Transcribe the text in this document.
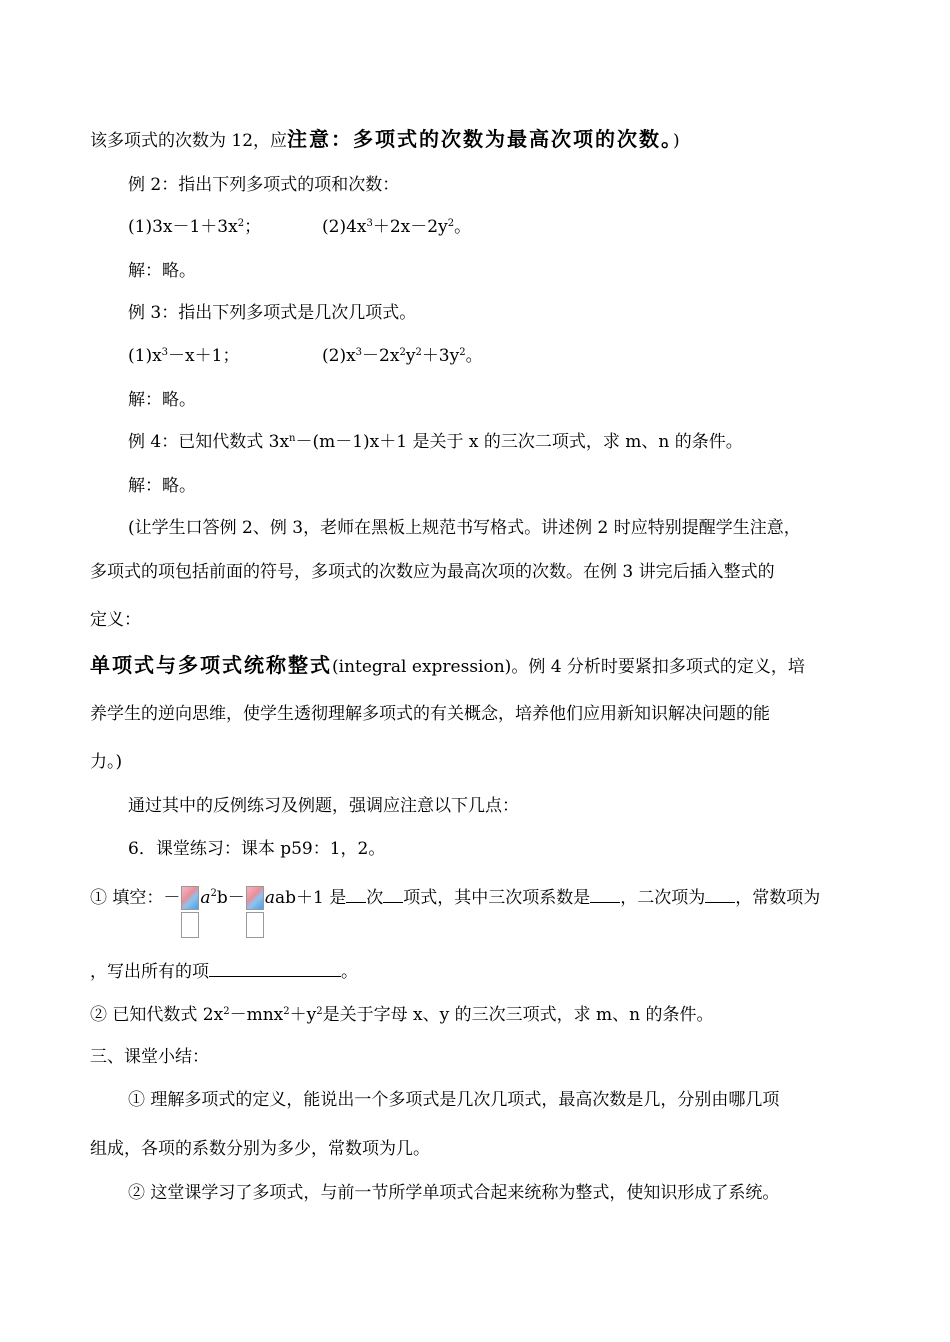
该多项式的次数为 12，应注意：多项式的次数为最高次项的次数。)
例 2：指出下列多项式的项和次数：
$(1)3x-1+3x^2$；	$(2)4x^3+2x-2y^2$。
解：略。
例 3：指出下列多项式是几次几项式。
$(1)x^3-x+1$；	$(2)x^3-2x^2y^2+3y^2$。
解：略。
例 4：已知代数式 $3x^n-(m-1)x+1$ 是关于 x 的三次二项式，求 m、n 的条件。
解：略。
(让学生口答例 2、例 3，老师在黑板上规范书写格式。讲述例 2 时应特别提醒学生注意，
多项式的项包括前面的符号，多项式的次数应为最高次项的次数。在例 3 讲完后插入整式的
定义：
单项式与多项式统称整式(integral expression)。例 4 分析时要紧扣多项式的定义，培
养学生的逆向思维，使学生透彻理解多项式的有关概念，培养他们应用新知识解决问题的能
力。)
通过其中的反例练习及例题，强调应注意以下几点：
6．课堂练习：课本 p59：1，2。
① 填空：－ $a^2b- aab+1$ 是 次 项式，其中三次项系数是 ，二次项为 ，常数项为
，写出所有的项	。
② 已知代数式 $2x^2-mnx^2+y^2$是关于字母 x、y 的三次三项式，求 m、n 的条件。
三、课堂小结：
① 理解多项式的定义，能说出一个多项式是几次几项式，最高次数是几，分别由哪几项
组成，各项的系数分别为多少，常数项为几。
② 这堂课学习了多项式，与前一节所学单项式合起来统称为整式，使知识形成了系统。
